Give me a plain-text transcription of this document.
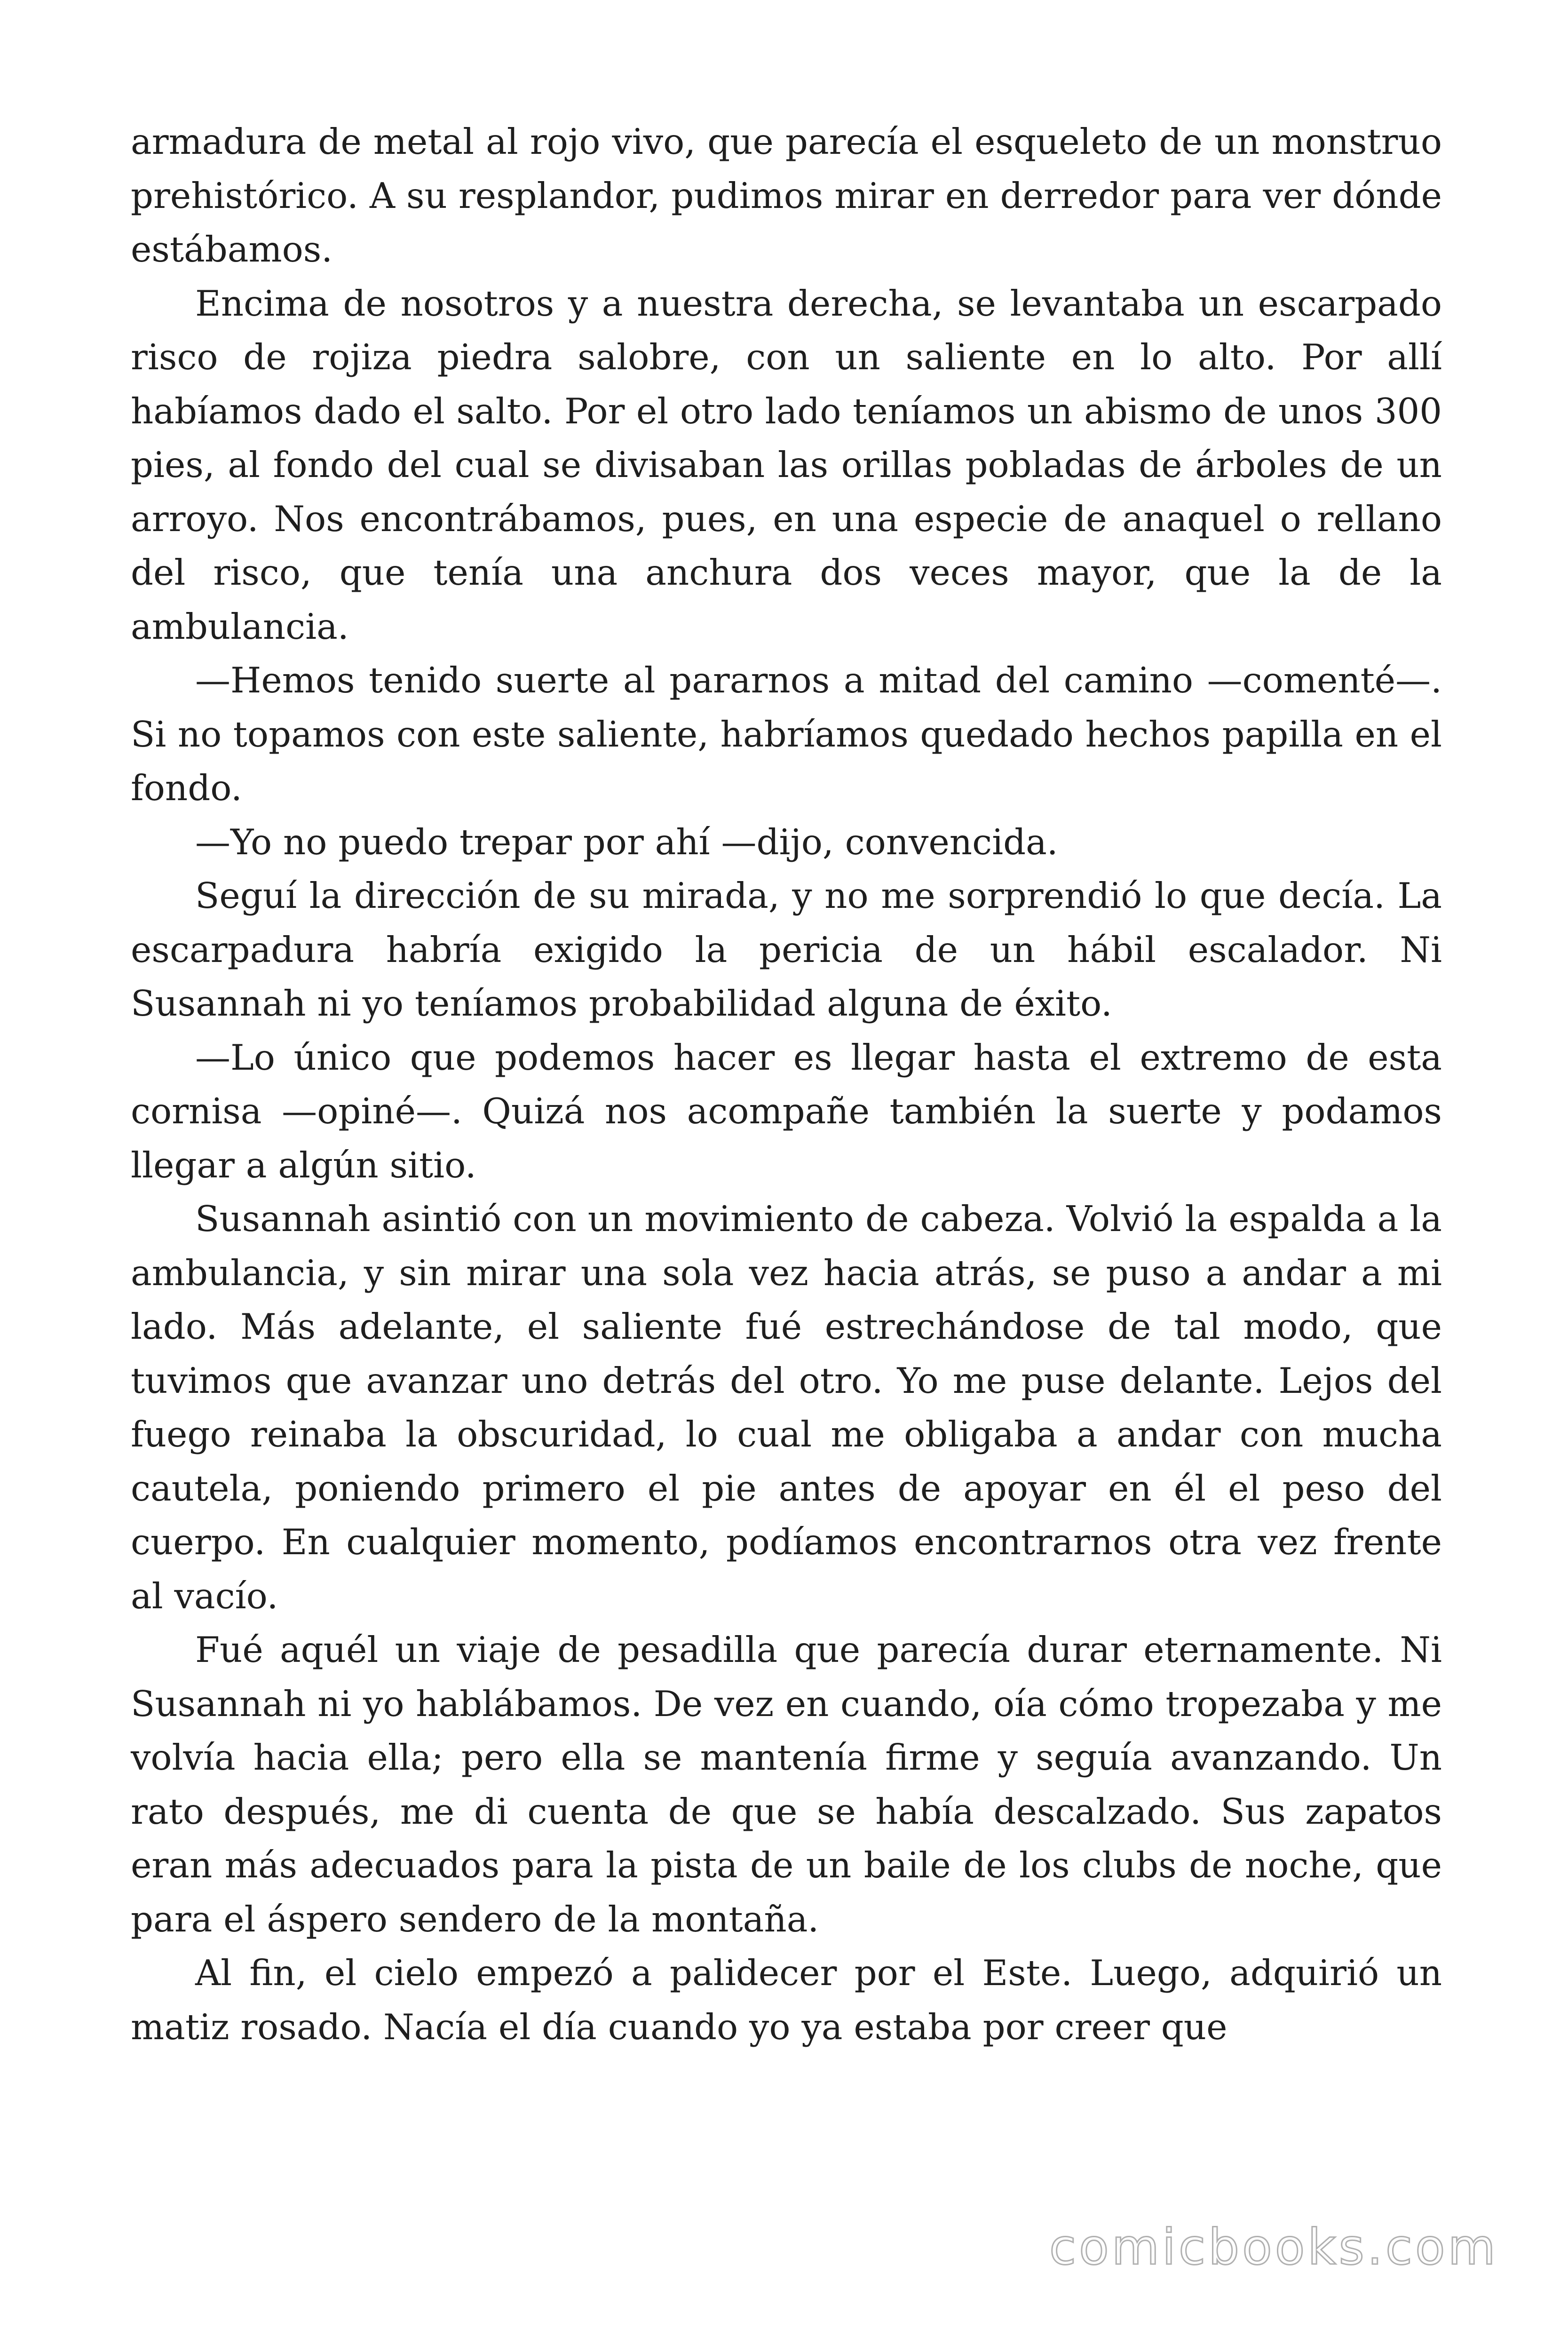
armadura de metal al rojo vivo, que parecía el esqueleto de un monstruo prehistórico. A su resplandor, pudimos mirar en derredor para ver dónde estábamos.

Encima de nosotros y a nuestra derecha, se levantaba un escarpado risco de rojiza piedra salobre, con un saliente en lo alto. Por allí habíamos dado el salto. Por el otro lado teníamos un abismo de unos 300 pies, al fondo del cual se divisaban las orillas pobladas de árboles de un arroyo. Nos encontrábamos, pues, en una especie de anaquel o rellano del risco, que tenía una anchura dos veces mayor, que la de la ambulancia.

—Hemos tenido suerte al pararnos a mitad del camino —comenté—. Si no topamos con este saliente, habríamos quedado hechos papilla en el fondo.

—Yo no puedo trepar por ahí —dijo, convencida.

Seguí la dirección de su mirada, y no me sorprendió lo que decía. La escarpadura habría exigido la pericia de un hábil escalador. Ni Susannah ni yo teníamos probabilidad alguna de éxito.

—Lo único que podemos hacer es llegar hasta el extremo de esta cornisa —opiné—. Quizá nos acompañe también la suerte y podamos llegar a algún sitio.

Susannah asintió con un movimiento de cabeza. Volvió la espalda a la ambulancia, y sin mirar una sola vez hacia atrás, se puso a andar a mi lado. Más adelante, el saliente fué estrechándose de tal modo, que tuvimos que avanzar uno detrás del otro. Yo me puse delante. Lejos del fuego reinaba la obscuridad, lo cual me obligaba a andar con mucha cautela, poniendo primero el pie antes de apoyar en él el peso del cuerpo. En cualquier momento, podíamos encontrarnos otra vez frente al vacío.

Fué aquél un viaje de pesadilla que parecía durar eternamente. Ni Susannah ni yo hablábamos. De vez en cuando, oía cómo tropezaba y me volvía hacia ella; pero ella se mantenía firme y seguía avanzando. Un rato después, me di cuenta de que se había descalzado. Sus zapatos eran más adecuados para la pista de un baile de los clubs de noche, que para el áspero sendero de la montaña.

Al fin, el cielo empezó a palidecer por el Este. Luego, adquirió un matiz rosado. Nacía el día cuando yo ya estaba por creer que

comicbooks.com
